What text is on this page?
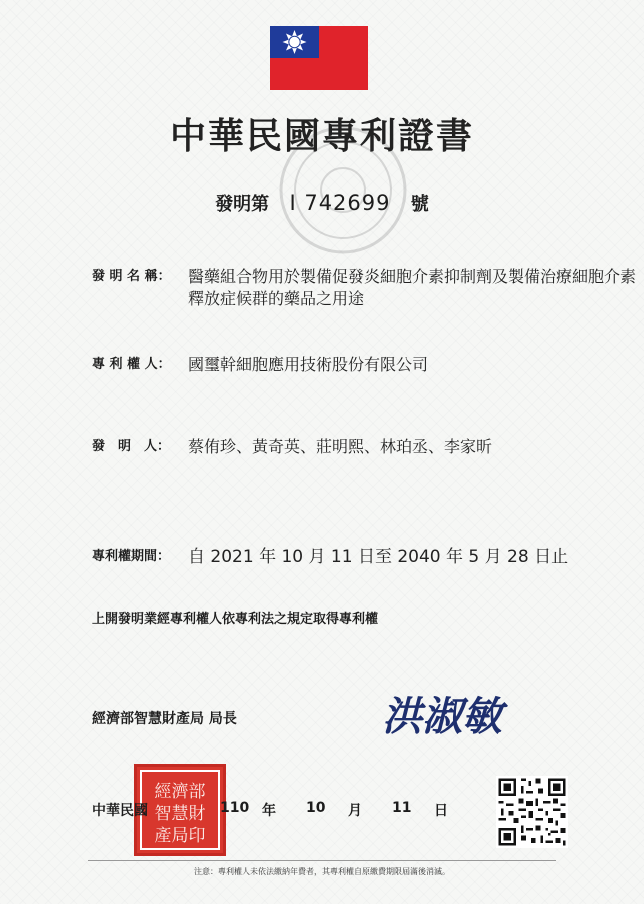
中華民國專利證書
發明第 I 742699 號
發 明 名 稱：	醫藥組合物用於製備促發炎細胞介素抑制劑及製備治療細胞介素釋放症候群的藥品之用途
專 利 權 人：	國璽幹細胞應用技術股份有限公司
發　明　人：	蔡侑珍、黃奇英、莊明熙、林珀丞、李家昕
專利權期間：	自 2021 年 10 月 11 日至 2040 年 5 月 28 日止
上開發明業經專利權人依專利法之規定取得專利權
經濟部智慧財產局 局長	洪淑敏
經濟部
智慧財
產局印
中華民國	110 年 10 月 11 日
注意：專利權人未依法繳納年費者，其專利權自原繳費期限屆滿後消滅。
